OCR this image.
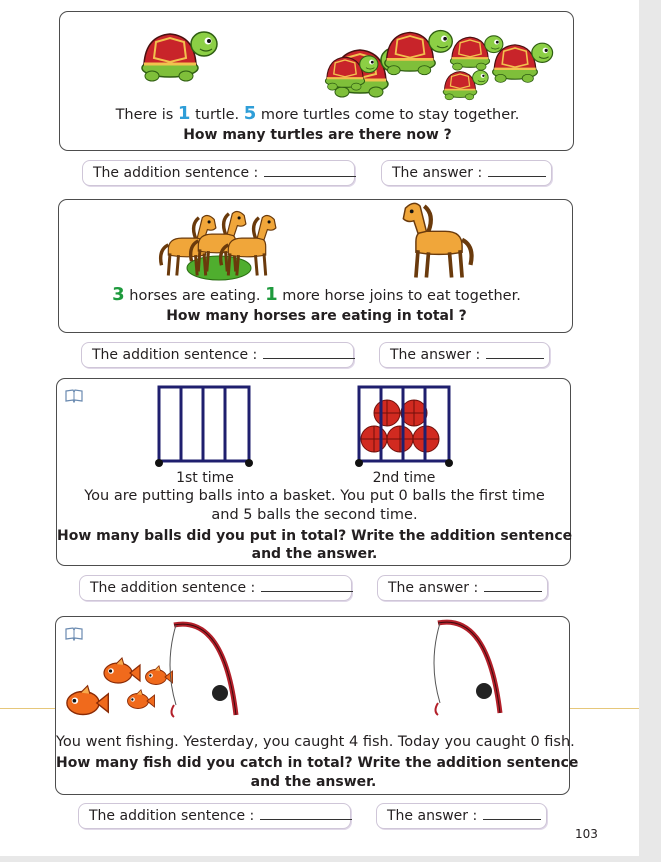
There is 1 turtle. 5 more turtles come to stay together.
How many turtles are there now ?
The addition sentence :	The answer :
3 horses are eating. 1 more horse joins to eat together.
How many horses are eating in total ?
The addition sentence :	The answer :
1st time	2nd time
You are putting balls into a basket. You put 0 balls the first time
and 5 balls the second time.
How many balls did you put in total? Write the addition sentence
and the answer.
The addition sentence :	The answer :
You went fishing. Yesterday, you caught 4 fish. Today you caught 0 fish.
How many fish did you catch in total? Write the addition sentence
and the answer.
The addition sentence :	The answer :
103
